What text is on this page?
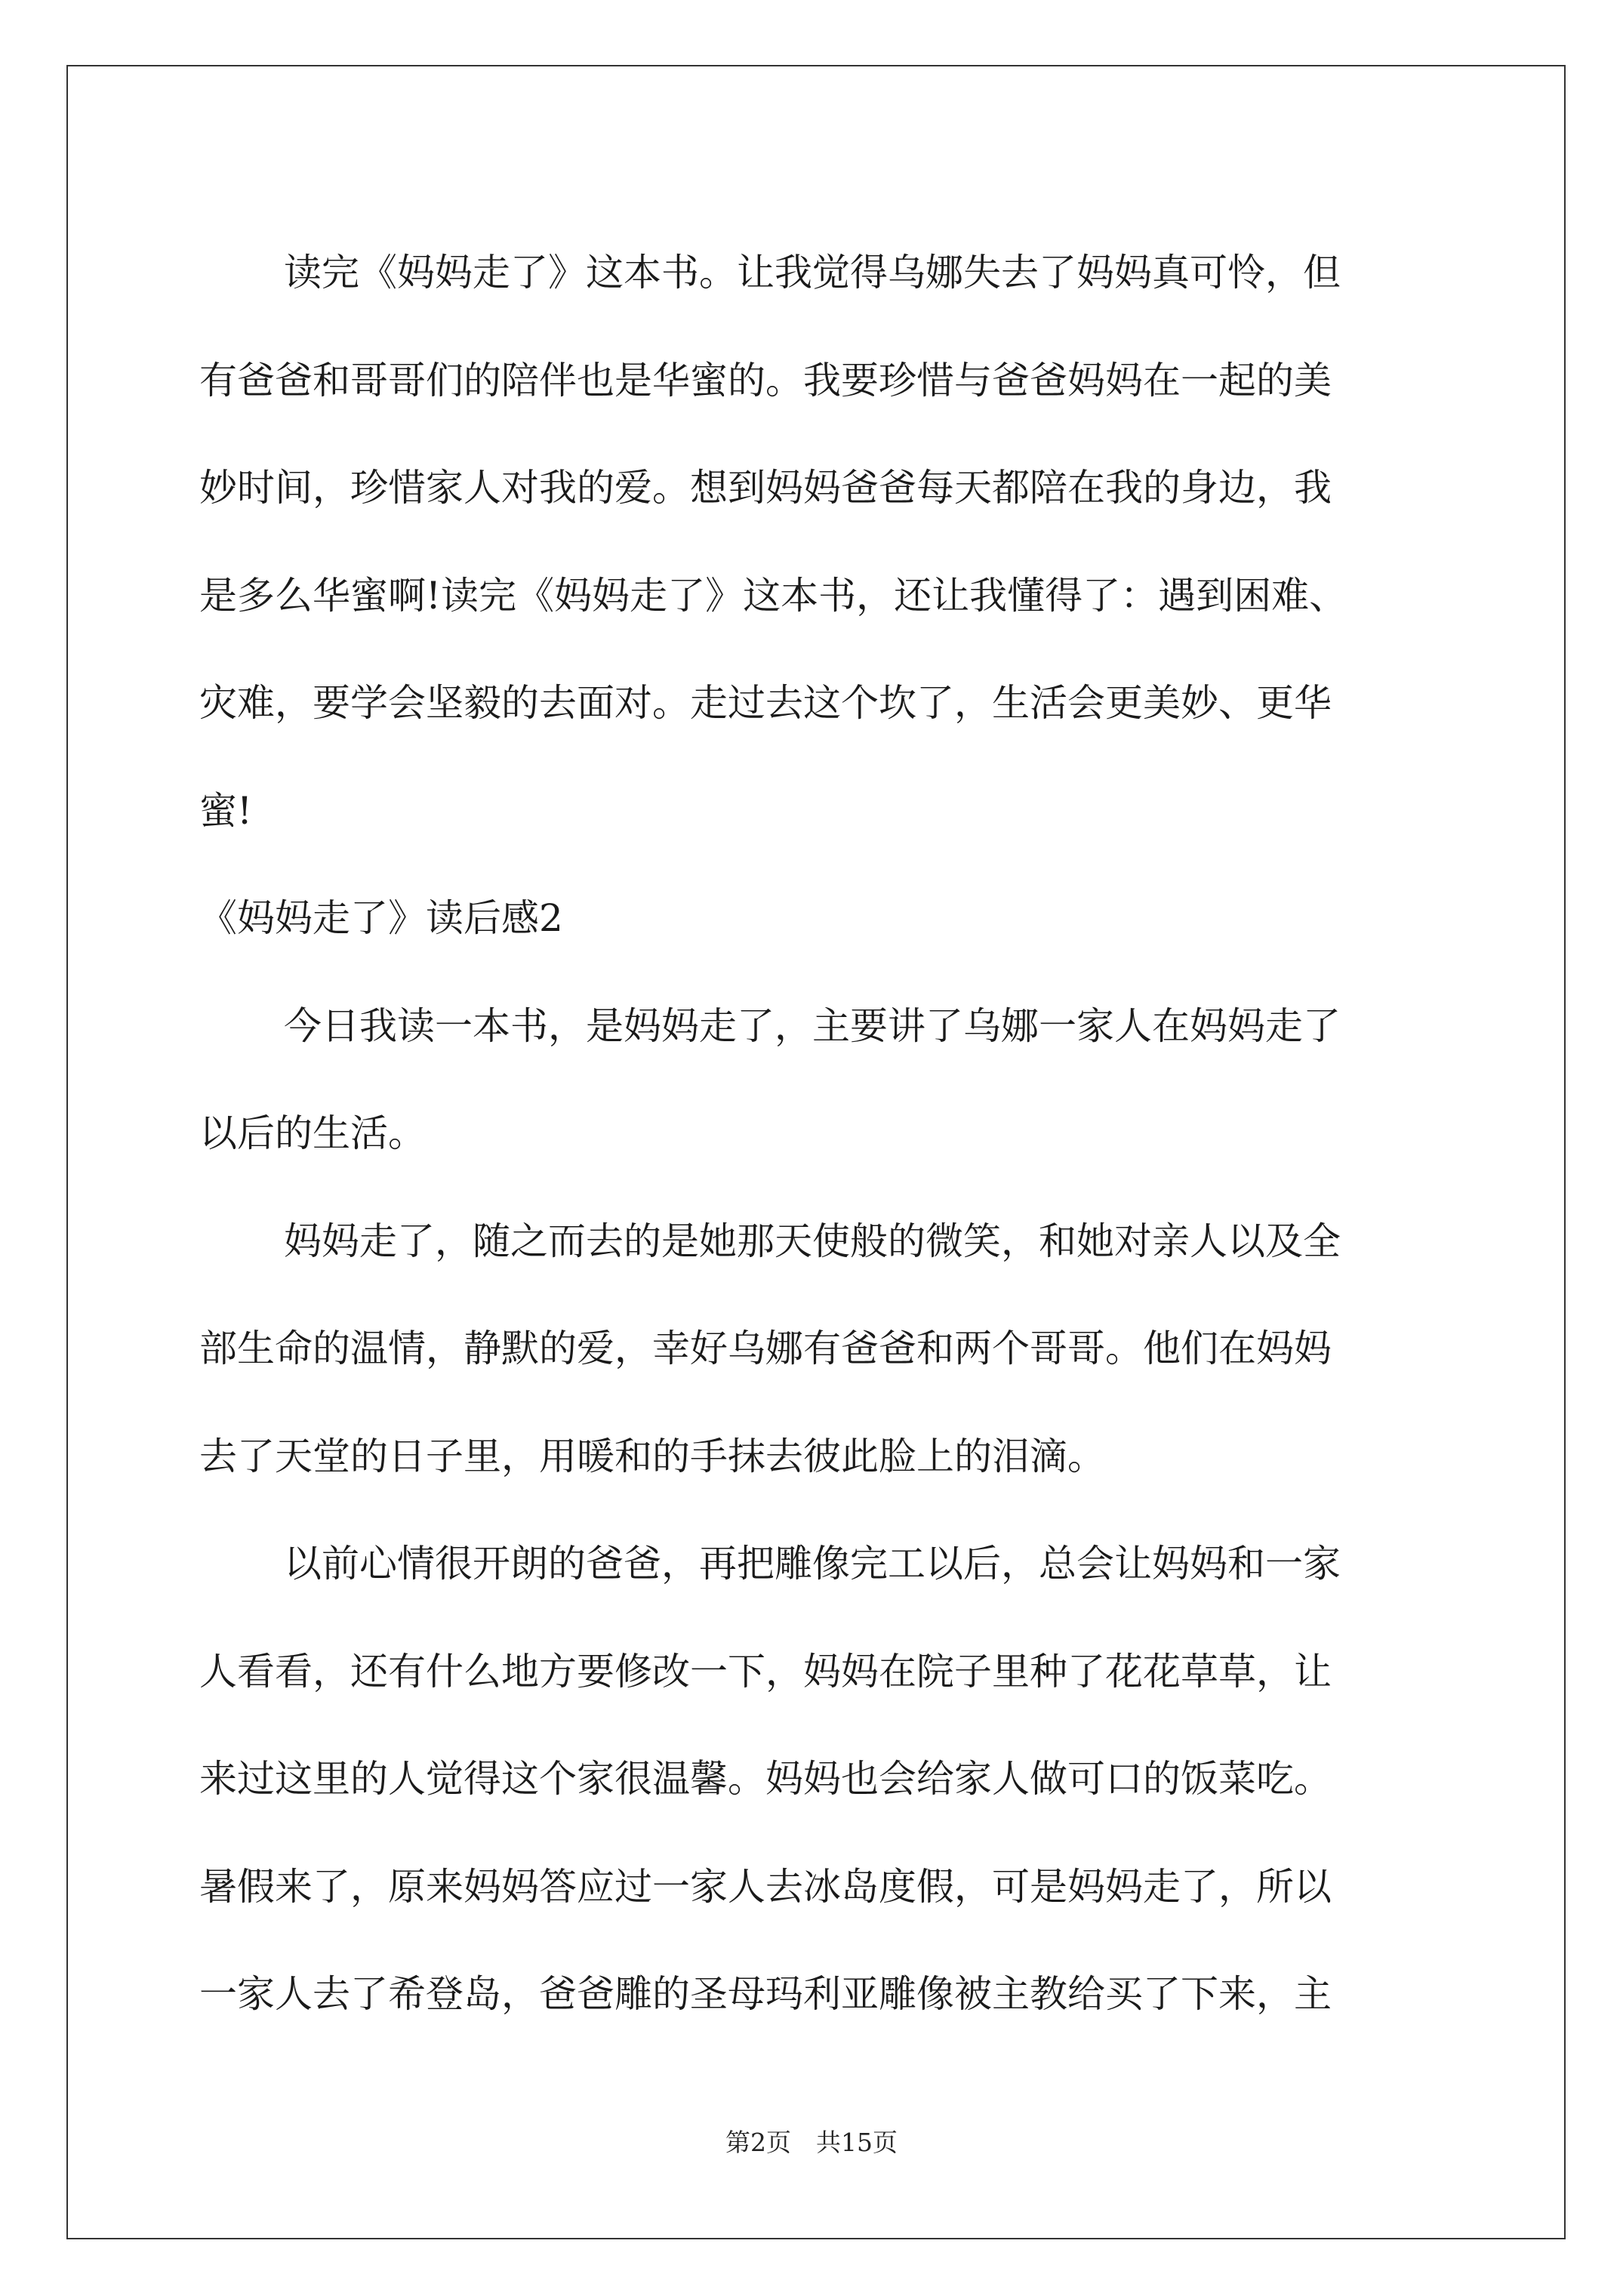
读完《妈妈走了》这本书。让我觉得乌娜失去了妈妈真可怜，但
有爸爸和哥哥们的陪伴也是华蜜的。我要珍惜与爸爸妈妈在一起的美
妙时间，珍惜家人对我的爱。想到妈妈爸爸每天都陪在我的身边，我
是多么华蜜啊!读完《妈妈走了》这本书，还让我懂得了：遇到困难、
灾难，要学会坚毅的去面对。走过去这个坎了，生活会更美妙、更华
蜜!
《妈妈走了》读后感2
今日我读一本书，是妈妈走了，主要讲了乌娜一家人在妈妈走了
以后的生活。
妈妈走了，随之而去的是她那天使般的微笑，和她对亲人以及全
部生命的温情，静默的爱，幸好乌娜有爸爸和两个哥哥。他们在妈妈
去了天堂的日子里，用暖和的手抹去彼此脸上的泪滴。
以前心情很开朗的爸爸，再把雕像完工以后，总会让妈妈和一家
人看看，还有什么地方要修改一下，妈妈在院子里种了花花草草，让
来过这里的人觉得这个家很温馨。妈妈也会给家人做可口的饭菜吃。
暑假来了，原来妈妈答应过一家人去冰岛度假，可是妈妈走了，所以
一家人去了希登岛，爸爸雕的圣母玛利亚雕像被主教给买了下来，主
第2页　共15页
